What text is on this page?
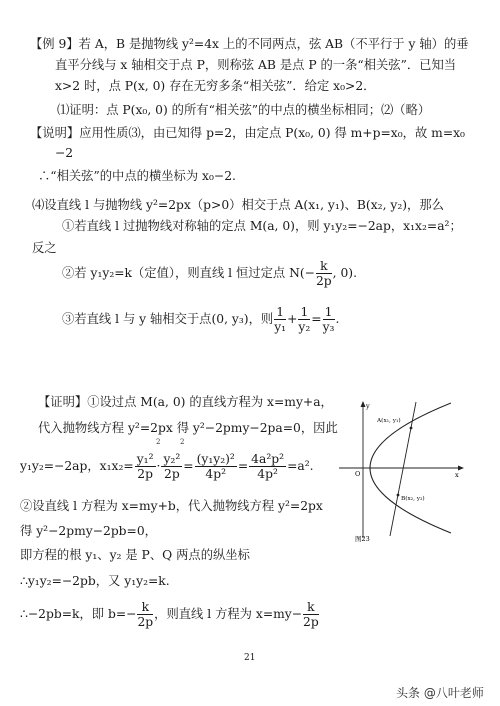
【例 9】若 A，B 是抛物线 y²=4x 上的不同两点，弦 AB（不平行于 y 轴）的垂
直平分线与 x 轴相交于点 P，则称弦 AB 是点 P 的一条“相关弦”．已知当
x>2 时，点 P(x, 0) 存在无穷多条“相关弦”．给定 x₀>2．
⑴证明：点 P(x₀, 0) 的所有“相关弦”的中点的横坐标相同；⑵（略）
【说明】应用性质⑶，由已知得 p=2，由定点 P(x₀, 0) 得 m+p=x₀，故 m=x₀
−2
∴“相关弦”的中点的横坐标为 x₀−2.
⑷设直线 l 与抛物线 y²=2px（p>0）相交于点 A(x₁, y₁)、B(x₂, y₂)，那么
①若直线 l 过抛物线对称轴的定点 M(a, 0)，则 y₁y₂=−2ap，x₁x₂=a²；
反之
②若 y₁y₂=k（定值），则直线 l 恒过定点 $N(- \frac{k}{2p}$ , 0).
③若直线 l 与 y 轴相交于点(0, y₃)，则 $\frac{1}{\text{y₁}} + \frac{1}{\text{y₂}} = \frac{1}{\text{y₃}}$ .
【证明】①设过点 M(a, 0) 的直线方程为 x=my+a，
代入抛物线方程 y²=2px 得 y²−2pmy−2pa=0，因此
2	2
y₁y₂=−2ap，$x_1x_2= \frac{\text{y₁²}}{2p} \cdot \frac{\text{y₂²}}{2p} = \frac{\text{(y₁y₂)²}}{\text{4p²}} = \frac{\text{4a²p²}}{\text{4p²}} =a^2$.
②设直线 l 方程为 x=my+b，代入抛物线方程 y²=2px
得 y²−2pmy−2pb=0，
即方程的根 y₁、y₂ 是 P、Q 两点的纵坐标
∴y₁y₂=−2pb，又 y₁y₂=k.
∴−2pb=k，即 $b=- \frac{k}{2p}$ ，则直线 l 方程为 $x=my- \frac{k}{2p}$
y
x
O
A(x₁, y₁)
B(x₂, y₂)
图23
21
头条 @八叶老师
